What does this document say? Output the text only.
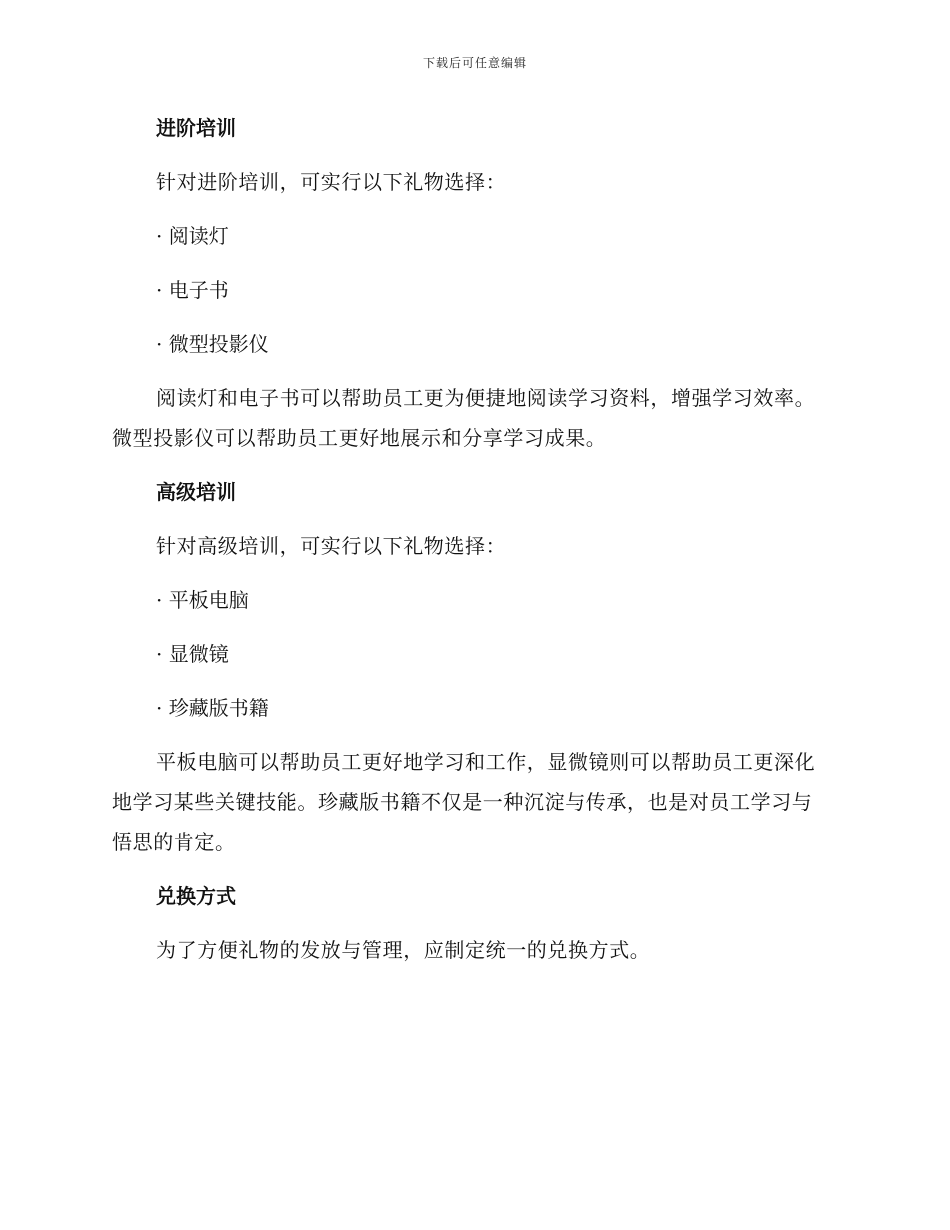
下载后可任意编辑
进阶培训

针对进阶培训，可实行以下礼物选择：

· 阅读灯

· 电子书

· 微型投影仪

阅读灯和电子书可以帮助员工更为便捷地阅读学习资料，增强学习效率。微型投影仪可以帮助员工更好地展示和分享学习成果。

高级培训

针对高级培训，可实行以下礼物选择：

· 平板电脑

· 显微镜

· 珍藏版书籍

平板电脑可以帮助员工更好地学习和工作，显微镜则可以帮助员工更深化地学习某些关键技能。珍藏版书籍不仅是一种沉淀与传承，也是对员工学习与悟思的肯定。

兑换方式

为了方便礼物的发放与管理，应制定统一的兑换方式。
